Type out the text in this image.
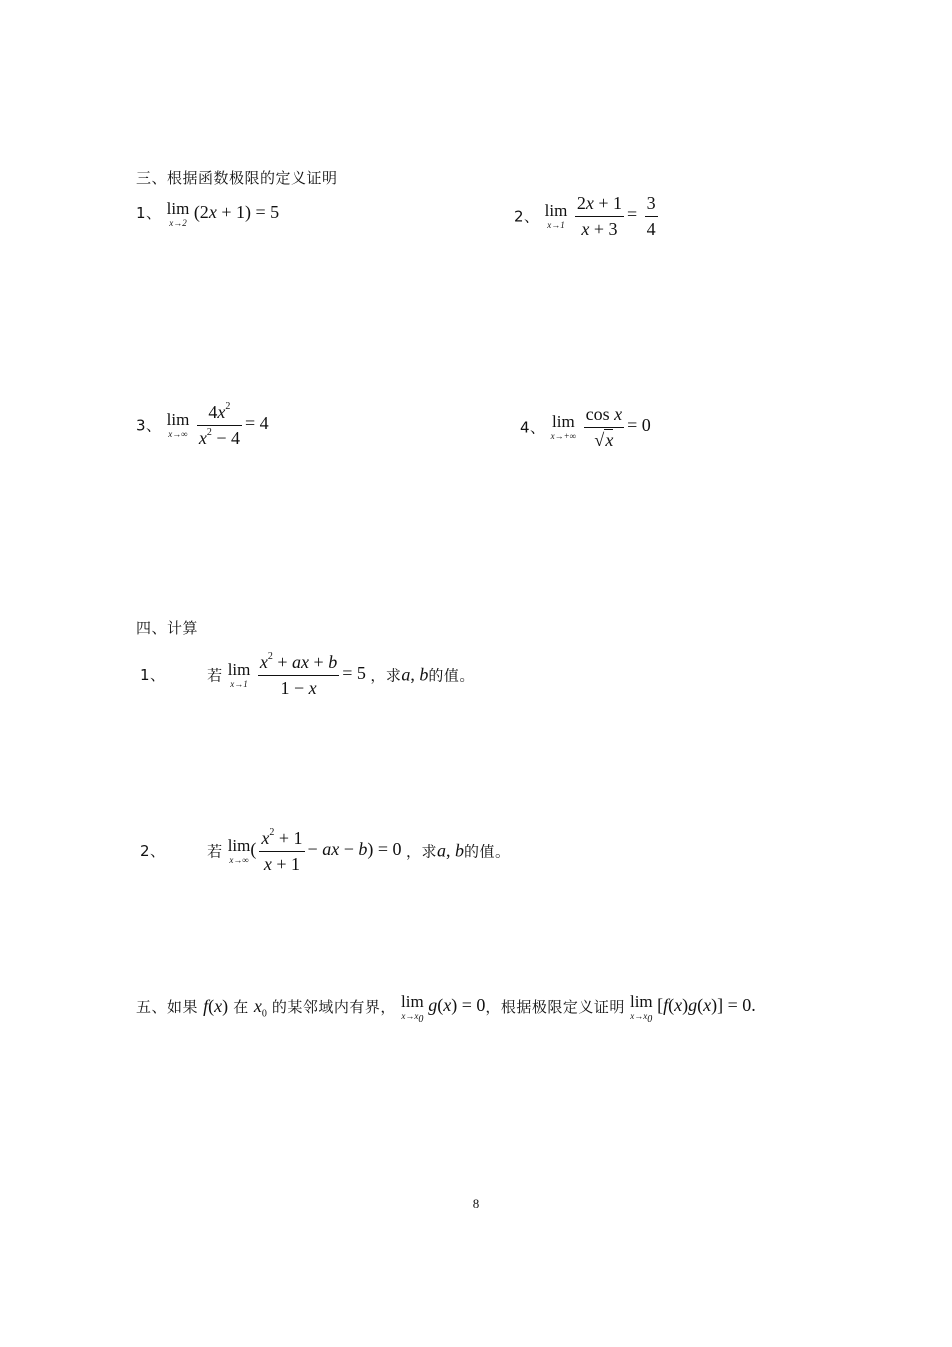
三、根据函数极限的定义证明
1、 lim
x→2
(2x + 1) = 5	2、 lim
x→1
$\frac{2x + 1}{x + 3} = \frac{3}{4}$
3、 lim
x→∞
$\frac{4x^2}{x^2 - 4} = 4$	4、 lim
x→+∞
$\frac{\text{cos x}}{√x} = 0$
四、计算
1、	若 lim
x→1
$\frac{x^2 + ax + b}{1 - x} = 5$ ，求a, b的值。
2、	若 lim
x→∞
( $\frac{x^2 + 1}{x + 1}$ − ax − b) = 0 ，求a, b的值。
五、如果 f(x) 在 $x_0$ 的某邻域内有界， lim
$x\to x_0$
g(x) = 0，根据极限定义证明 lim
$x\to x_0$
[f(x)g(x)] = 0.
8
